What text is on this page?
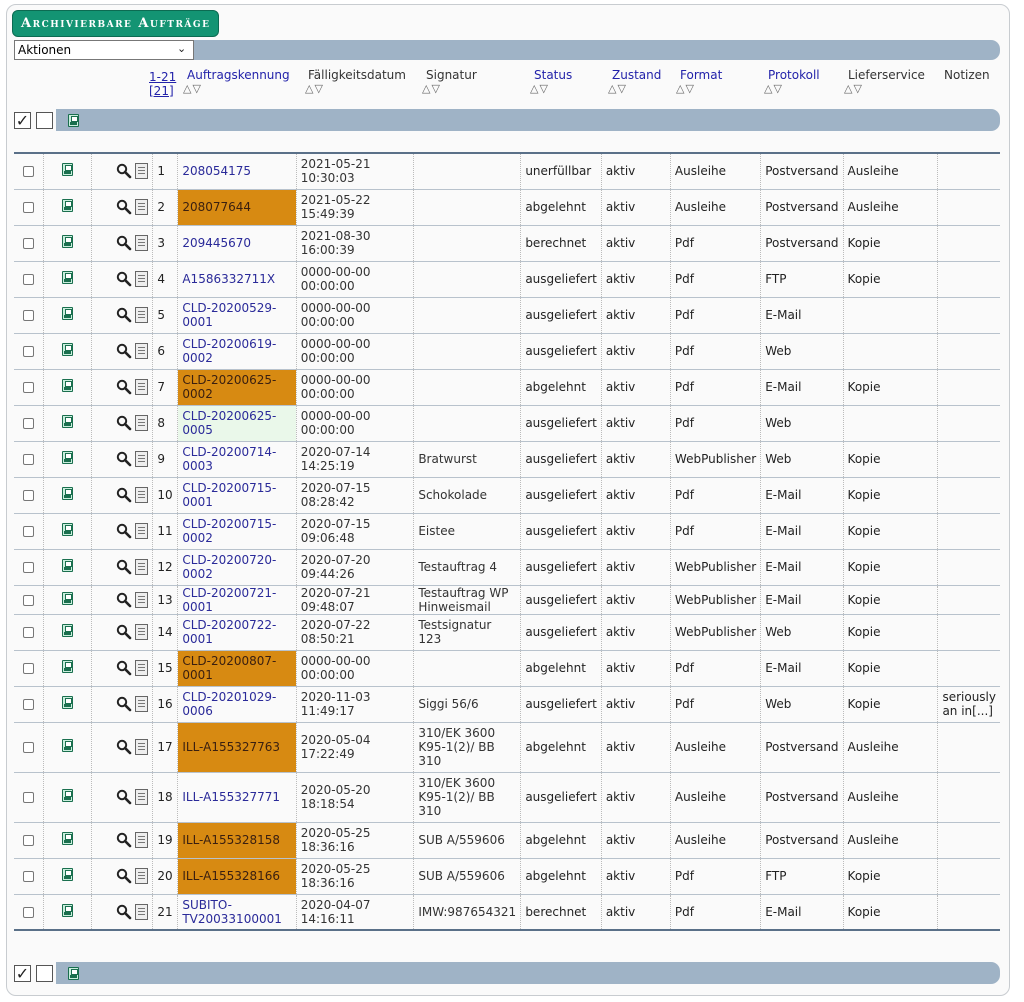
Archivierbare Aufträge
Aktionen
⌄
1-21
[21] △▽
Auftragskennung Fälligkeitsdatum
△▽
Signatur
△▽
Status
△▽
Zustand
△▽
Format
△▽
Protokoll
△▽
Lieferservice
△▽
Notizen
✓
			1	208054175	2021-05-21
10:30:03		unerfüllbar	aktiv	Ausleihe	Postversand	Ausleihe	
			2	208077644	2021-05-22
15:49:39		abgelehnt	aktiv	Ausleihe	Postversand	Ausleihe	
			3	209445670	2021-08-30
16:00:39		berechnet	aktiv	Pdf	Postversand	Kopie	
			4	A1586332711X	0000-00-00
00:00:00		ausgeliefert	aktiv	Pdf	FTP	Kopie	
			5	CLD-20200529-0001	0000-00-00
00:00:00		ausgeliefert	aktiv	Pdf	E-Mail		
			6	CLD-20200619-0002	0000-00-00
00:00:00		ausgeliefert	aktiv	Pdf	Web		
			7	CLD-20200625-0002	0000-00-00
00:00:00		abgelehnt	aktiv	Pdf	E-Mail	Kopie	
			8	CLD-20200625-0005	0000-00-00
00:00:00		ausgeliefert	aktiv	Pdf	Web		
			9	CLD-20200714-0003	2020-07-14
14:25:19	Bratwurst	ausgeliefert	aktiv	WebPublisher	Web	Kopie	
			10	CLD-20200715-0001	2020-07-15
08:28:42	Schokolade	ausgeliefert	aktiv	Pdf	E-Mail	Kopie	
			11	CLD-20200715-0002	2020-07-15
09:06:48	Eistee	ausgeliefert	aktiv	Pdf	E-Mail	Kopie	
			12	CLD-20200720-0002	2020-07-20
09:44:26	Testauftrag 4	ausgeliefert	aktiv	WebPublisher	E-Mail	Kopie	
			13	CLD-20200721-0001	2020-07-21
09:48:07	Testauftrag WP Hinweismail	ausgeliefert	aktiv	WebPublisher	E-Mail	Kopie	
			14	CLD-20200722-0001	2020-07-22
08:50:21	Testsignatur 123	ausgeliefert	aktiv	WebPublisher	Web	Kopie	
			15	CLD-20200807-0001	0000-00-00
00:00:00		abgelehnt	aktiv	Pdf	E-Mail	Kopie	
			16	CLD-20201029-0006	2020-11-03
11:49:17	Siggi 56/6	ausgeliefert	aktiv	Pdf	Web	Kopie	seriously an in[...]
			17	ILL-A155327763	2020-05-04
17:22:49	310/EK 3600 K95-1(2)/ BB 310	abgelehnt	aktiv	Ausleihe	Postversand	Ausleihe	
			18	ILL-A155327771	2020-05-20
18:18:54	310/EK 3600 K95-1(2)/ BB 310	ausgeliefert	aktiv	Ausleihe	Postversand	Ausleihe	
			19	ILL-A155328158	2020-05-25
18:36:16	SUB A/559606	abgelehnt	aktiv	Ausleihe	Postversand	Ausleihe	
			20	ILL-A155328166	2020-05-25
18:36:16	SUB A/559606	abgelehnt	aktiv	Pdf	FTP	Kopie	
			21	SUBITO-TV20033100001	2020-04-07
14:16:11	IMW:987654321	berechnet	aktiv	Pdf	E-Mail	Kopie	
✓
